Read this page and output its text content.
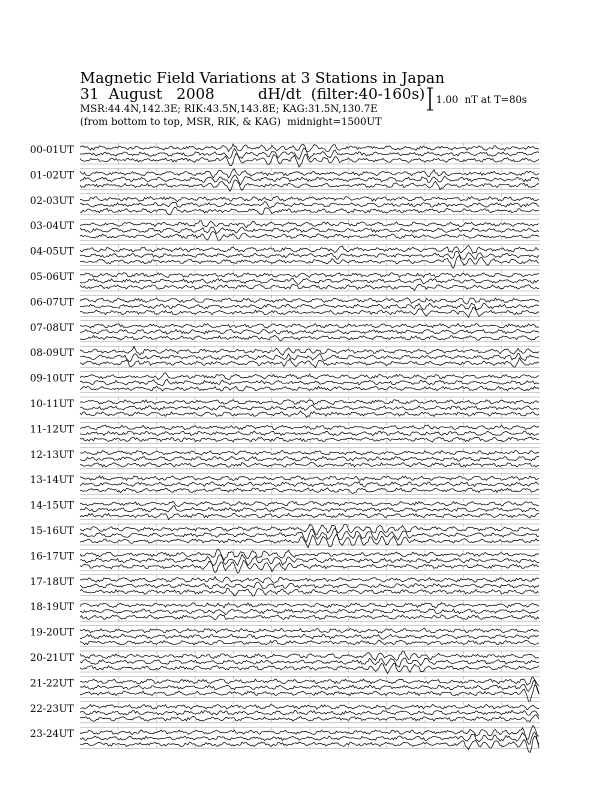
Magnetic Field Variations at 3 Stations in Japan
31  August   2008	dH/dt  (filter:40-160s)
MSR:44.4N,142.3E; RIK:43.5N,143.8E; KAG:31.5N,130.7E
(from bottom to top, MSR, RIK, & KAG)  midnight=1500UT
1.00  nT at T=80s
00-01UT
01-02UT
02-03UT
03-04UT
04-05UT
05-06UT
06-07UT
07-08UT
08-09UT
09-10UT
10-11UT
11-12UT
12-13UT
13-14UT
14-15UT
15-16UT
16-17UT
17-18UT
18-19UT
19-20UT
20-21UT
21-22UT
22-23UT
23-24UT
